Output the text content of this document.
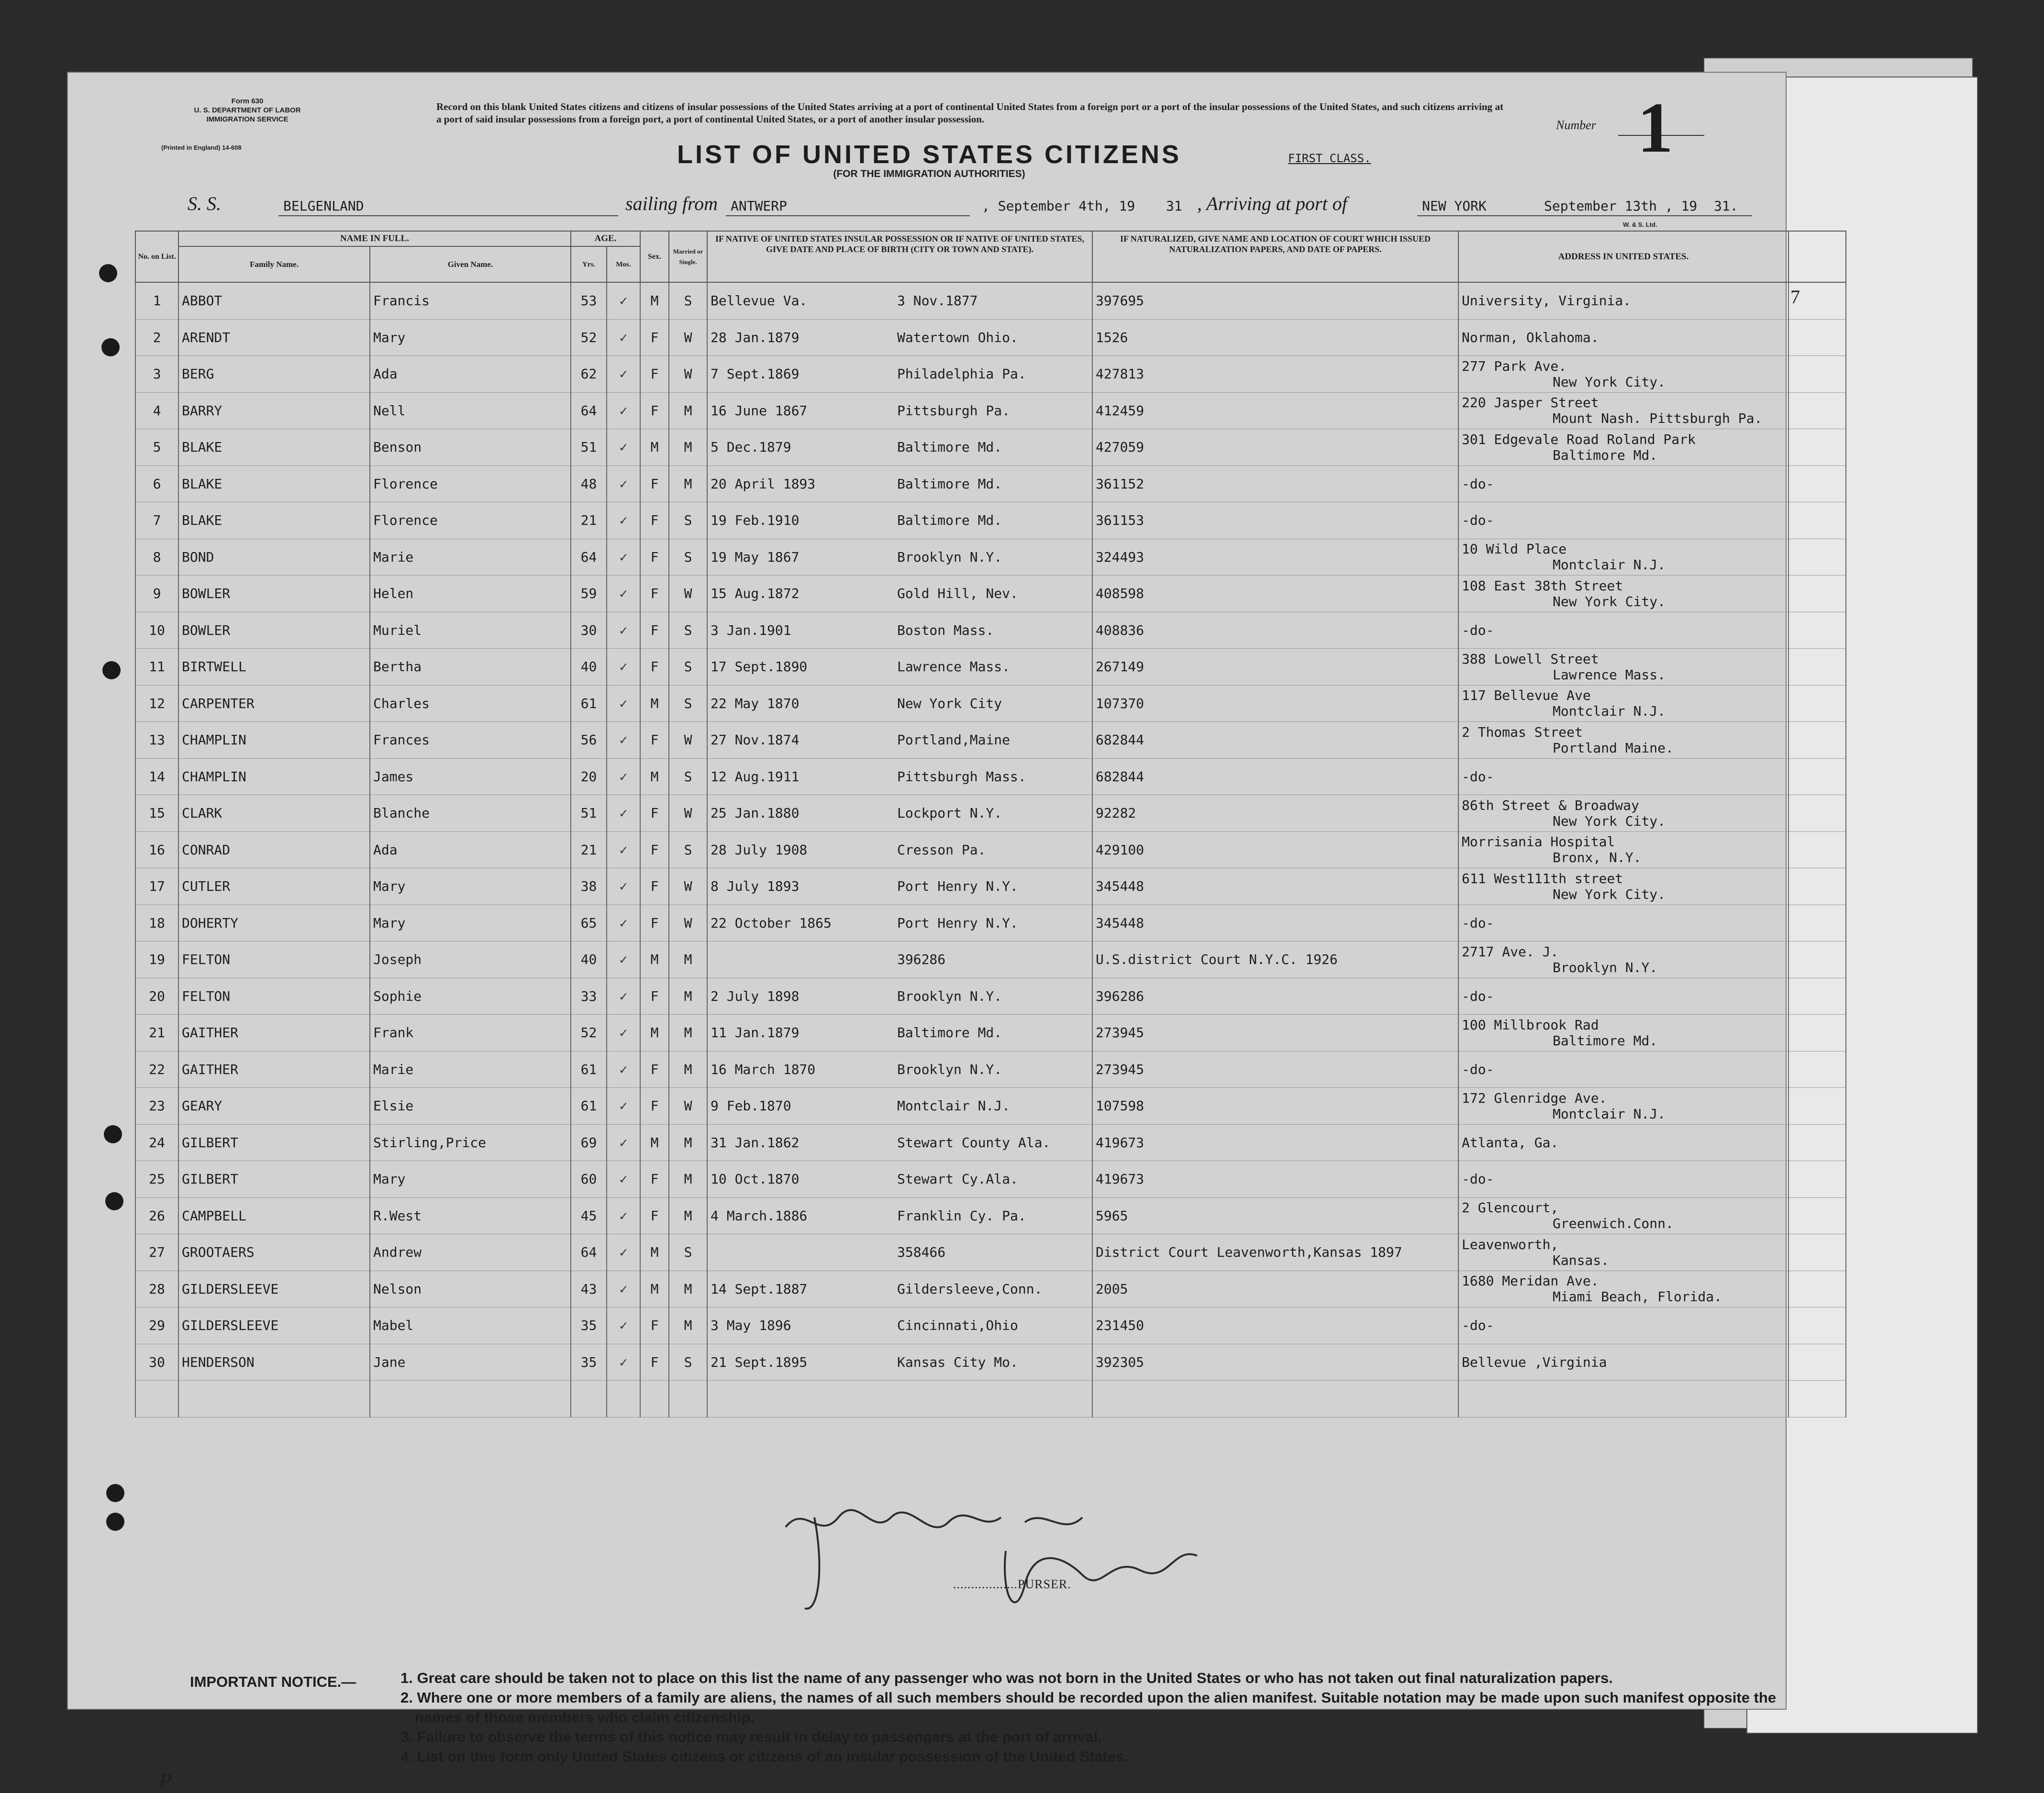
Form 630
U. S. DEPARTMENT OF LABOR
IMMIGRATION SERVICE
(Printed in England) 14-608
Record on this blank United States citizens and citizens of insular possessions of the United States arriving at a port of continental United States from a foreign port or a port of the insular possessions of the United States, and such citizens arriving at a port of said insular possessions from a foreign port, a port of continental United States, or a port of another insular possession.
LIST OF UNITED STATES CITIZENS
(FOR THE IMMIGRATION AUTHORITIES)
FIRST CLASS.
Number 1
S. S.	BELGENLAND	sailing from ANTWERP	, September 4th, 19 31 , Arriving at port of	NEW YORK	September 13th , 19 31.
W. & S. Ltd.
7
No. on List.	NAME IN FULL.		AGE.		Sex.	Married or Single.	IF NATIVE OF UNITED STATES INSULAR POSSESSION OR IF NATIVE OF UNITED STATES, GIVE DATE AND PLACE OF BIRTH (CITY OR TOWN AND STATE).	IF NATURALIZED, GIVE NAME AND LOCATION OF COURT WHICH ISSUED NATURALIZATION PAPERS, AND DATE OF PAPERS.	ADDRESS IN UNITED STATES.	
	Family Name.	Given Name.	Yrs.	Mos.						
1	ABBOT	Francis	53	✓	M	S	Bellevue Va. 3 Nov.1877	397695	University, Virginia.	

2	ARENDT	Mary	52	✓	F	W	28 Jan.1879 Watertown Ohio.	1526	Norman, Oklahoma.	

3	BERG	Ada	62	✓	F	W	7 Sept.1869 Philadelphia Pa.	427813	277 Park Ave.
New York City.	

4	BARRY	Nell	64	✓	F	M	16 June 1867 Pittsburgh Pa.	412459	220 Jasper Street
Mount Nash. Pittsburgh Pa.	

5	BLAKE	Benson	51	✓	M	M	5 Dec.1879 Baltimore Md.	427059	301 Edgevale Road Roland Park
Baltimore Md.	

6	BLAKE	Florence	48	✓	F	M	20 April 1893 Baltimore Md.	361152	-do-	

7	BLAKE	Florence	21	✓	F	S	19 Feb.1910 Baltimore Md.	361153	-do-	

8	BOND	Marie	64	✓	F	S	19 May 1867 Brooklyn N.Y.	324493	10 Wild Place
Montclair N.J.	

9	BOWLER	Helen	59	✓	F	W	15 Aug.1872 Gold Hill, Nev.	408598	108 East 38th Street
New York City.	

10	BOWLER	Muriel	30	✓	F	S	3 Jan.1901 Boston Mass.	408836	-do-	

11	BIRTWELL	Bertha	40	✓	F	S	17 Sept.1890 Lawrence Mass.	267149	388 Lowell Street
Lawrence Mass.	

12	CARPENTER	Charles	61	✓	M	S	22 May 1870 New York City	107370	117 Bellevue Ave
Montclair N.J.	

13	CHAMPLIN	Frances	56	✓	F	W	27 Nov.1874 Portland,Maine	682844	2 Thomas Street
Portland Maine.	

14	CHAMPLIN	James	20	✓	M	S	12 Aug.1911 Pittsburgh Mass.	682844	-do-	

15	CLARK	Blanche	51	✓	F	W	25 Jan.1880 Lockport N.Y.	92282	86th Street & Broadway
New York City.	

16	CONRAD	Ada	21	✓	F	S	28 July 1908 Cresson Pa.	429100	Morrisania Hospital
Bronx, N.Y.	

17	CUTLER	Mary	38	✓	F	W	8 July 1893 Port Henry N.Y.	345448	611 West111th street
New York City.	

18	DOHERTY	Mary	65	✓	F	W	22 October 1865 Port Henry N.Y.	345448	-do-	

19	FELTON	Joseph	40	✓	M	M	396286	U.S.district Court N.Y.C. 1926	2717 Ave. J.
Brooklyn N.Y.	

20	FELTON	Sophie	33	✓	F	M	2 July 1898 Brooklyn N.Y.	396286	-do-	

21	GAITHER	Frank	52	✓	M	M	11 Jan.1879 Baltimore Md.	273945	100 Millbrook Rad
Baltimore Md.	

22	GAITHER	Marie	61	✓	F	M	16 March 1870 Brooklyn N.Y.	273945	-do-	

23	GEARY	Elsie	61	✓	F	W	9 Feb.1870 Montclair N.J.	107598	172 Glenridge Ave.
Montclair N.J.	

24	GILBERT	Stirling,Price	69	✓	M	M	31 Jan.1862 Stewart County Ala.	419673	Atlanta, Ga.	

25	GILBERT	Mary	60	✓	F	M	10 Oct.1870 Stewart Cy.Ala.	419673	-do-	

26	CAMPBELL	R.West	45	✓	F	M	4 March.1886 Franklin Cy. Pa.	5965	2 Glencourt,
Greenwich.Conn.	

27	GROOTAERS	Andrew	64	✓	M	S	358466	District Court Leavenworth,Kansas 1897	Leavenworth,
Kansas.	

28	GILDERSLEEVE	Nelson	43	✓	M	M	14 Sept.1887 Gildersleeve,Conn.	2005	1680 Meridan Ave.
Miami Beach, Florida.	

29	GILDERSLEEVE	Mabel	35	✓	F	M	3 May 1896 Cincinnati,Ohio	231450	-do-	

30	HENDERSON	Jane	35	✓	F	S	21 Sept.1895 Kansas City Mo.	392305	Bellevue ,Virginia	

..................PURSER.
IMPORTANT NOTICE.—	1. Great care should be taken not to place on this list the name of any passenger who was not born in the United States or who has not taken out final naturalization papers.
2. Where one or more members of a family are aliens, the names of all such members should be recorded upon the alien manifest. Suitable notation may be made upon such manifest opposite the names of those members who claim citizenship.
3. Failure to observe the terms of this notice may result in delay to passengers at the port of arrival.
4. List on this form only United States citizens or citizens of an insular possession of the United States.
P
